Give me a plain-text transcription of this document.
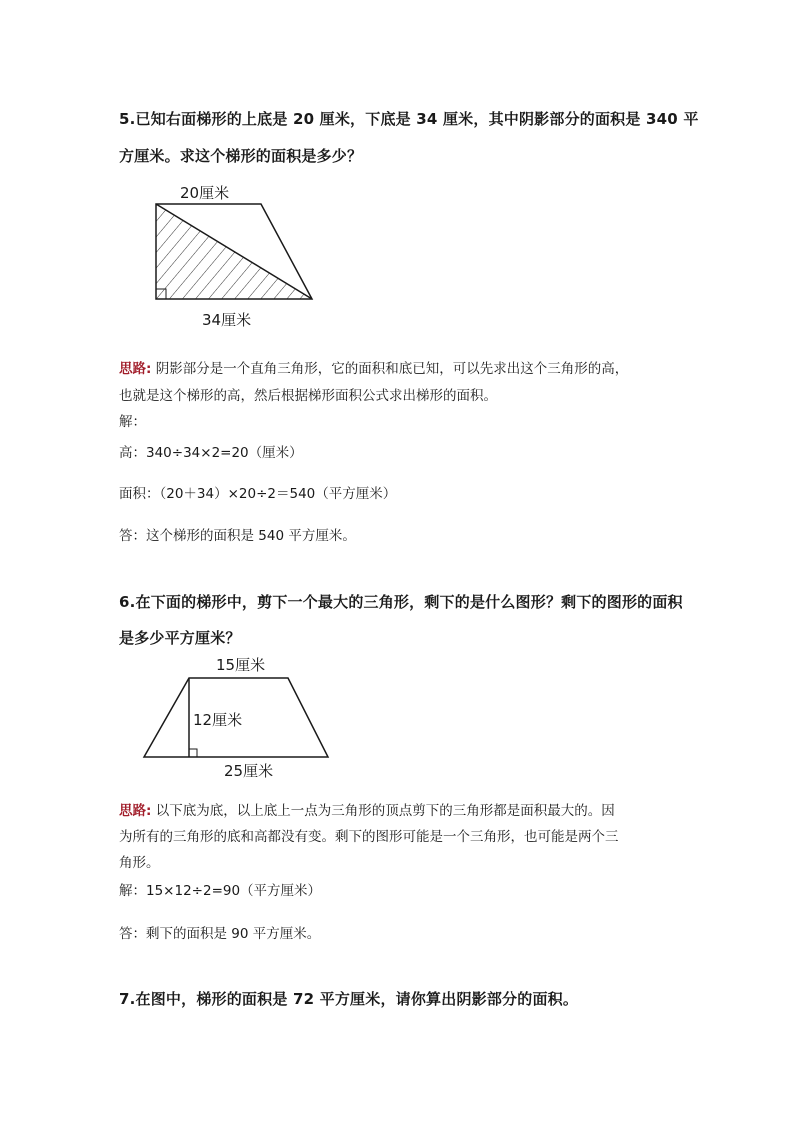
5.已知右面梯形的上底是 20 厘米，下底是 34 厘米，其中阴影部分的面积是 340 平
方厘米。求这个梯形的面积是多少？
20厘米
34厘米
思路: 阴影部分是一个直角三角形，它的面积和底已知，可以先求出这个三角形的高，
也就是这个梯形的高，然后根据梯形面积公式求出梯形的面积。
解：
高：340÷34×2=20（厘米）
面积：（20＋34）×20÷2＝540（平方厘米）
答：这个梯形的面积是 540 平方厘米。
6.在下面的梯形中，剪下一个最大的三角形，剩下的是什么图形？剩下的图形的面积
是多少平方厘米？
15厘米
12厘米
25厘米
思路: 以下底为底，以上底上一点为三角形的顶点剪下的三角形都是面积最大的。因
为所有的三角形的底和高都没有变。剩下的图形可能是一个三角形，也可能是两个三
角形。
解：15×12÷2=90（平方厘米）
答：剩下的面积是 90 平方厘米。
7.在图中，梯形的面积是 72 平方厘米，请你算出阴影部分的面积。
